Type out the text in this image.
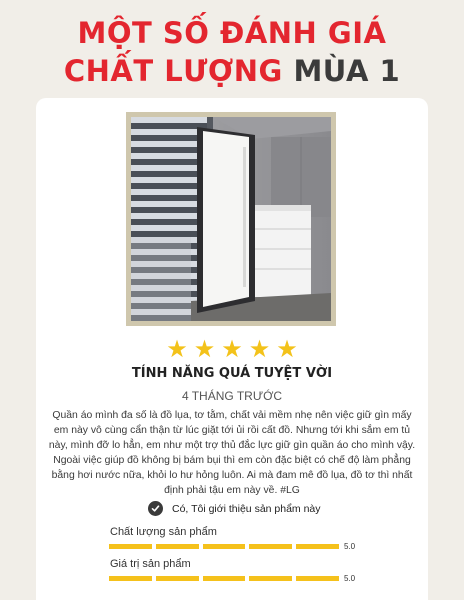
MỘT SỐ ĐÁNH GIÁ
CHẤT LƯỢNG MÙA 1
★ ★ ★ ★ ★
TÍNH NĂNG QUÁ TUYỆT VỜI
4 THÁNG TRƯỚC
Quần áo mình đa số là đồ lụa, tơ tằm, chất vải mềm nhẹ nên việc giữ gìn mấy em này vô cùng cẩn thận từ lúc giặt tới ủi rồi cất đồ. Nhưng tới khi sắm em tủ này, mình đỡ lo hẳn, em như một trợ thủ đắc lực giữ gìn quần áo cho mình vậy. Ngoài việc giúp đồ không bị bám bụi thì em còn đặc biệt có chế độ làm phẳng bằng hơi nước nữa, khỏi lo hư hỏng luôn. Ai mà đam mê đồ lụa, đồ tơ thì nhất định phải tậu em này về. #LG
Có, Tôi giới thiệu sản phẩm này
Chất lượng sản phẩm
5.0
Giá trị sản phẩm
5.0
